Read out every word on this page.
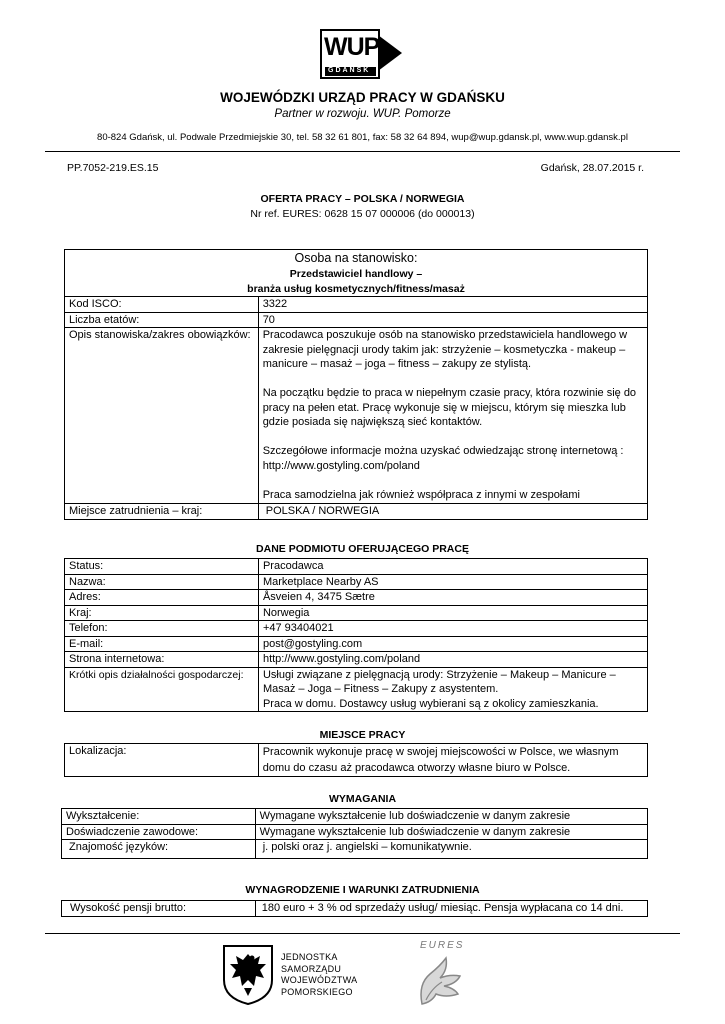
WUP
GDAŃSK
WOJEWÓDZKI URZĄD PRACY W GDAŃSKU
Partner w rozwoju. WUP. Pomorze
80-824 Gdańsk, ul. Podwale Przedmiejskie 30, tel. 58 32 61 801, fax: 58 32 64 894, wup@wup.gdansk.pl, www.wup.gdansk.pl
PP.7052-219.ES.15	Gdańsk, 28.07.2015 r.
OFERTA PRACY – POLSKA / NORWEGIA
Nr ref. EURES: 0628 15 07 000006 (do 000013)
Osoba na stanowisko:
Przedstawiciel handlowy –
branża usług kosmetycznych/fitness/masaż	

Kod ISCO:	3322
Liczba etatów:	70
Opis stanowiska/zakres obowiązków:	Pracodawca poszukuje osób na stanowisko przedstawiciela handlowego w zakresie pielęgnacji urody takim jak: strzyżenie – kosmetyczka - makeup – manicure – masaż – joga – fitness – zakupy ze stylistą.

Na początku będzie to praca w niepełnym czasie pracy, która rozwinie się do pracy na pełen etat. Pracę wykonuje się w miejscu, którym się mieszka lub gdzie posiada się największą sieć kontaktów.

Szczegółowe informacje można uzyskać odwiedzając stronę internetową : http://www.gostyling.com/poland

Praca samodzielna jak również współpraca z innymi w zespołami

Miejsce zatrudnienia – kraj:	POLSKA / NORWEGIA
DANE PODMIOTU OFERUJĄCEGO PRACĘ
Status:	Pracodawca
Nazwa:	Marketplace Nearby AS
Adres:	Åsveien 4, 3475 Sætre
Kraj:	Norwegia
Telefon:	+47 93404021
E-mail:	post@gostyling.com
Strona internetowa:	http://www.gostyling.com/poland
Krótki opis działalności gospodarczej:	Usługi związane z pielęgnacją urody: Strzyżenie – Makeup – Manicure – Masaż – Joga – Fitness – Zakupy z asystentem.

Praca w domu. Dostawcy usług wybierani są z okolicy zamieszkania.

MIEJSCE PRACY
Lokalizacja:	Pracownik wykonuje pracę w swojej miejscowości w Polsce, we własnym domu do czasu aż pracodawca otworzy własne biuro w Polsce.
WYMAGANIA
Wykształcenie:	Wymagane wykształcenie lub doświadczenie w danym zakresie
Doświadczenie zawodowe:	Wymagane wykształcenie lub doświadczenie w danym zakresie
Znajomość języków:	j. polski oraz j. angielski – komunikatywnie.
WYNAGRODZENIE I WARUNKI ZATRUDNIENIA
Wysokość pensji brutto:	180 euro + 3 % od sprzedaży usług/ miesiąc. Pensja wypłacana co 14 dni.
JEDNOSTKA
SAMORZĄDU
WOJEWÓDZTWA
POMORSKIEGO
EURES
